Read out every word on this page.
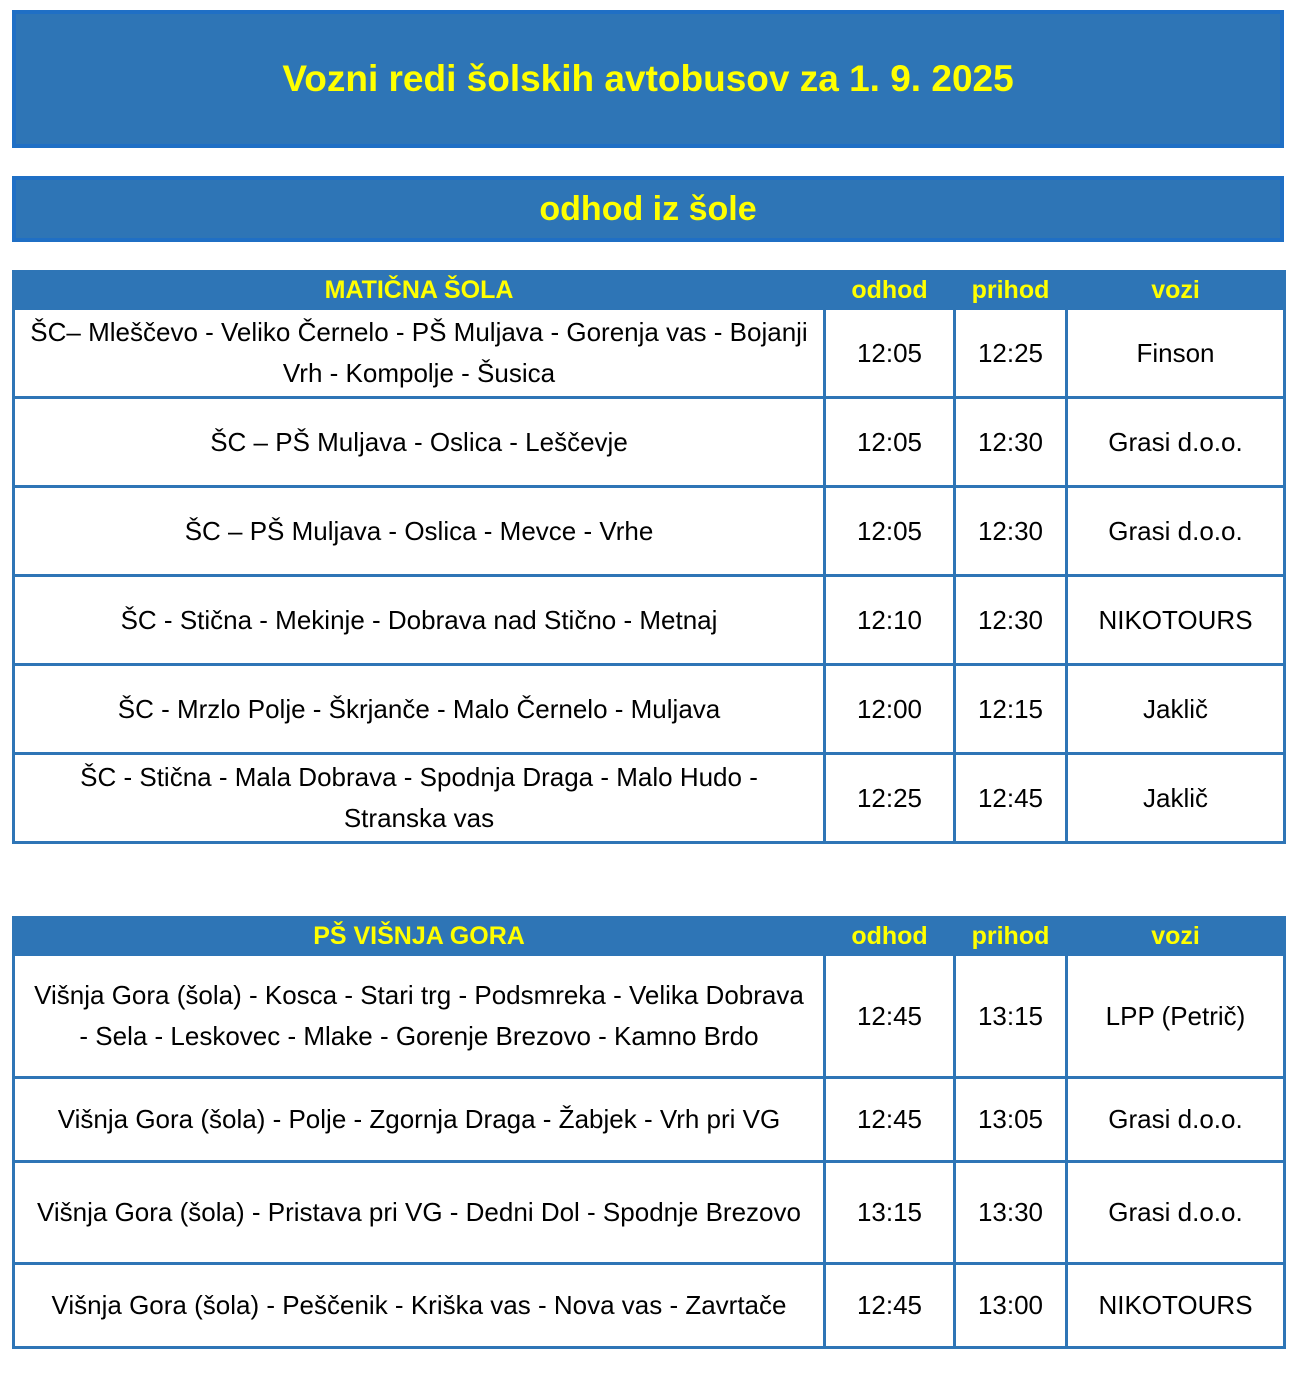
Vozni redi šolskih avtobusov za 1. 9. 2025
odhod iz šole
MATIČNA ŠOLA	odhod	prihod	vozi
ŠC– Mleščevo - Veliko Černelo - PŠ Muljava - Gorenja vas - Bojanji Vrh - Kompolje - Šusica	12:05	12:25	Finson
ŠC – PŠ Muljava - Oslica - Leščevje	12:05	12:30	Grasi d.o.o.
ŠC – PŠ Muljava - Oslica - Mevce - Vrhe	12:05	12:30	Grasi d.o.o.
ŠC - Stična - Mekinje - Dobrava nad Stično - Metnaj	12:10	12:30	NIKOTOURS
ŠC - Mrzlo Polje - Škrjanče - Malo Černelo - Muljava	12:00	12:15	Jaklič
ŠC - Stična - Mala Dobrava - Spodnja Draga - Malo Hudo - Stranska vas	12:25	12:45	Jaklič
PŠ VIŠNJA GORA	odhod	prihod	vozi
Višnja Gora (šola) - Kosca - Stari trg - Podsmreka - Velika Dobrava - Sela - Leskovec - Mlake - Gorenje Brezovo - Kamno Brdo	12:45	13:15	LPP (Petrič)
Višnja Gora (šola) - Polje - Zgornja Draga - Žabjek - Vrh pri VG	12:45	13:05	Grasi d.o.o.
Višnja Gora (šola) - Pristava pri VG - Dedni Dol - Spodnje Brezovo	13:15	13:30	Grasi d.o.o.
Višnja Gora (šola) - Peščenik - Kriška vas - Nova vas - Zavrtače	12:45	13:00	NIKOTOURS
